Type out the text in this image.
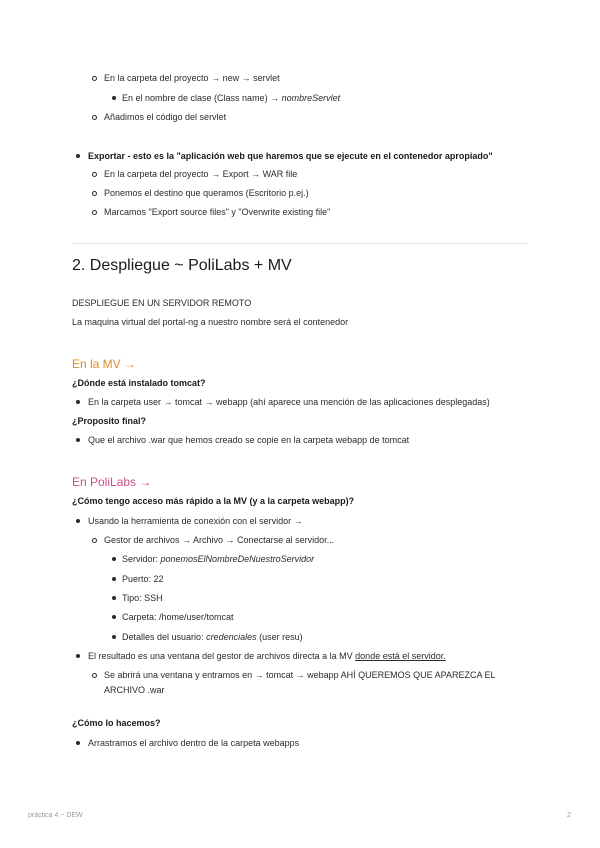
En la carpeta del proyecto → new → servlet
En el nombre de clase (Class name) → nombreServlet
Añadimos el código del servlet
Exportar - esto es la "aplicación web que haremos que se ejecute en el contenedor apropiado"
En la carpeta del proyecto → Export → WAR file
Ponemos el destino que queramos (Escritorio p.ej.)
Marcamos "Export source files" y "Overwrite existing file"
2. Despliegue ~ PoliLabs + MV
DESPLIEGUE EN UN SERVIDOR REMOTO
La maquina virtual del portal-ng a nuestro nombre será el contenedor
En la MV →
¿Dónde está instalado tomcat?
En la carpeta user → tomcat → webapp (ahí aparece una mención de las aplicaciones desplegadas)
¿Proposito final?
Que el archivo .war que hemos creado se copie en la carpeta webapp de tomcat
En PoliLabs →
¿Cómo tengo acceso más rápido a la MV (y a la carpeta webapp)?
Usando la herramienta de conexión con el servidor →
Gestor de archivos → Archivo → Conectarse al servidor...
Servidor: ponemosElNombreDeNuestroServidor
Puerto: 22
Tipo: SSH
Carpeta: /home/user/tomcat
Detalles del usuario: credenciales (user resu)
El resultado es una ventana del gestor de archivos directa a la MV donde está el servidor.
Se abrirá una ventana y entramos en → tomcat → webapp AHÍ QUEREMOS QUE APAREZCA EL
ARCHIVO .war
¿Cómo lo hacemos?
Arrastramos el archivo dentro de la carpeta webapps
práctica 4 ~ DEW	2
